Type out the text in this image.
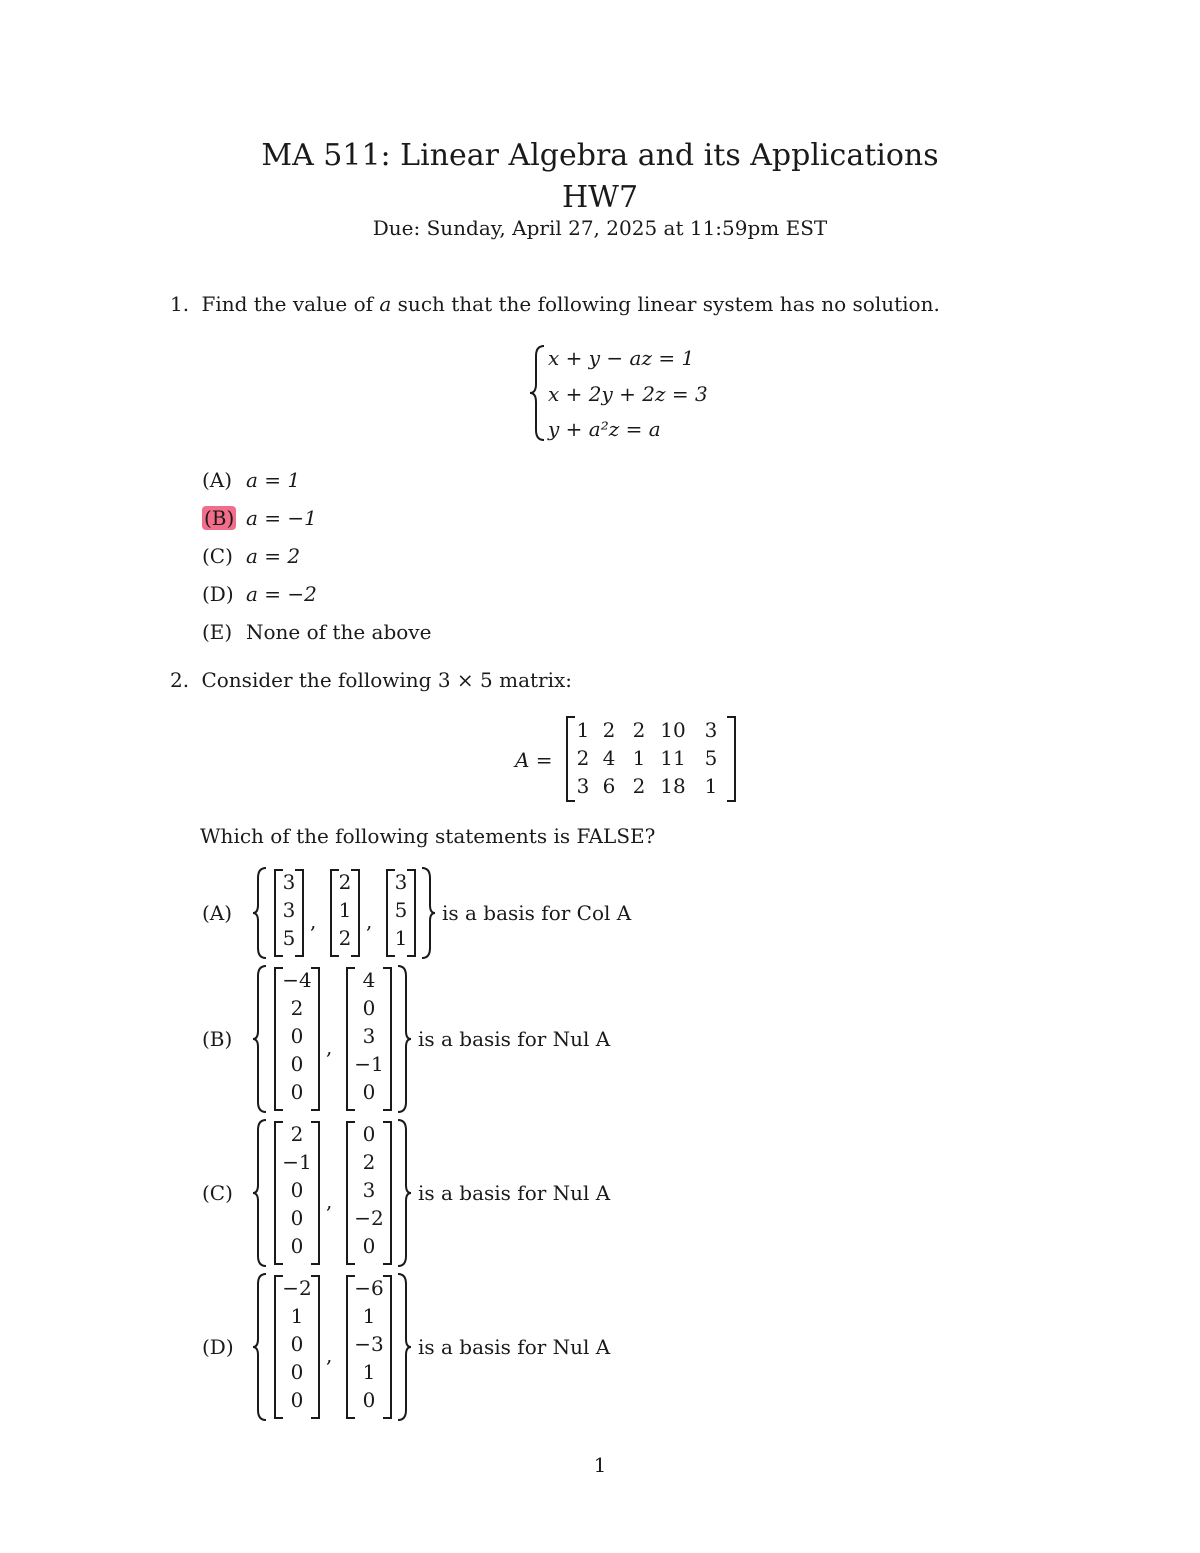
MA 511: Linear Algebra and its Applications
HW7
Due: Sunday, April 27, 2025 at 11:59pm EST
1. Find the value of a such that the following linear system has no solution.
x + y − az = 1
x + 2y + 2z = 3
y + a²z = a
(A) a = 1
(B) a = −1
(C) a = 2
(D) a = −2
(E) None of the above
2. Consider the following 3 × 5 matrix:
A =
1 2 2 10 3
2 4 1 11 5
3 6 2 18 1
Which of the following statements is FALSE?
(A)
3
3
5
,
2
1
2
,
3
5
1
is a basis for Col A
(B)
−4
2
0
0
0
,
4
0
3
−1
0
is a basis for Nul A
(C)
2
−1
0
0
0
,
0
2
3
−2
0
is a basis for Nul A
(D)
−2
1
0
0
0
,
−6
1
−3
1
0
is a basis for Nul A
1
